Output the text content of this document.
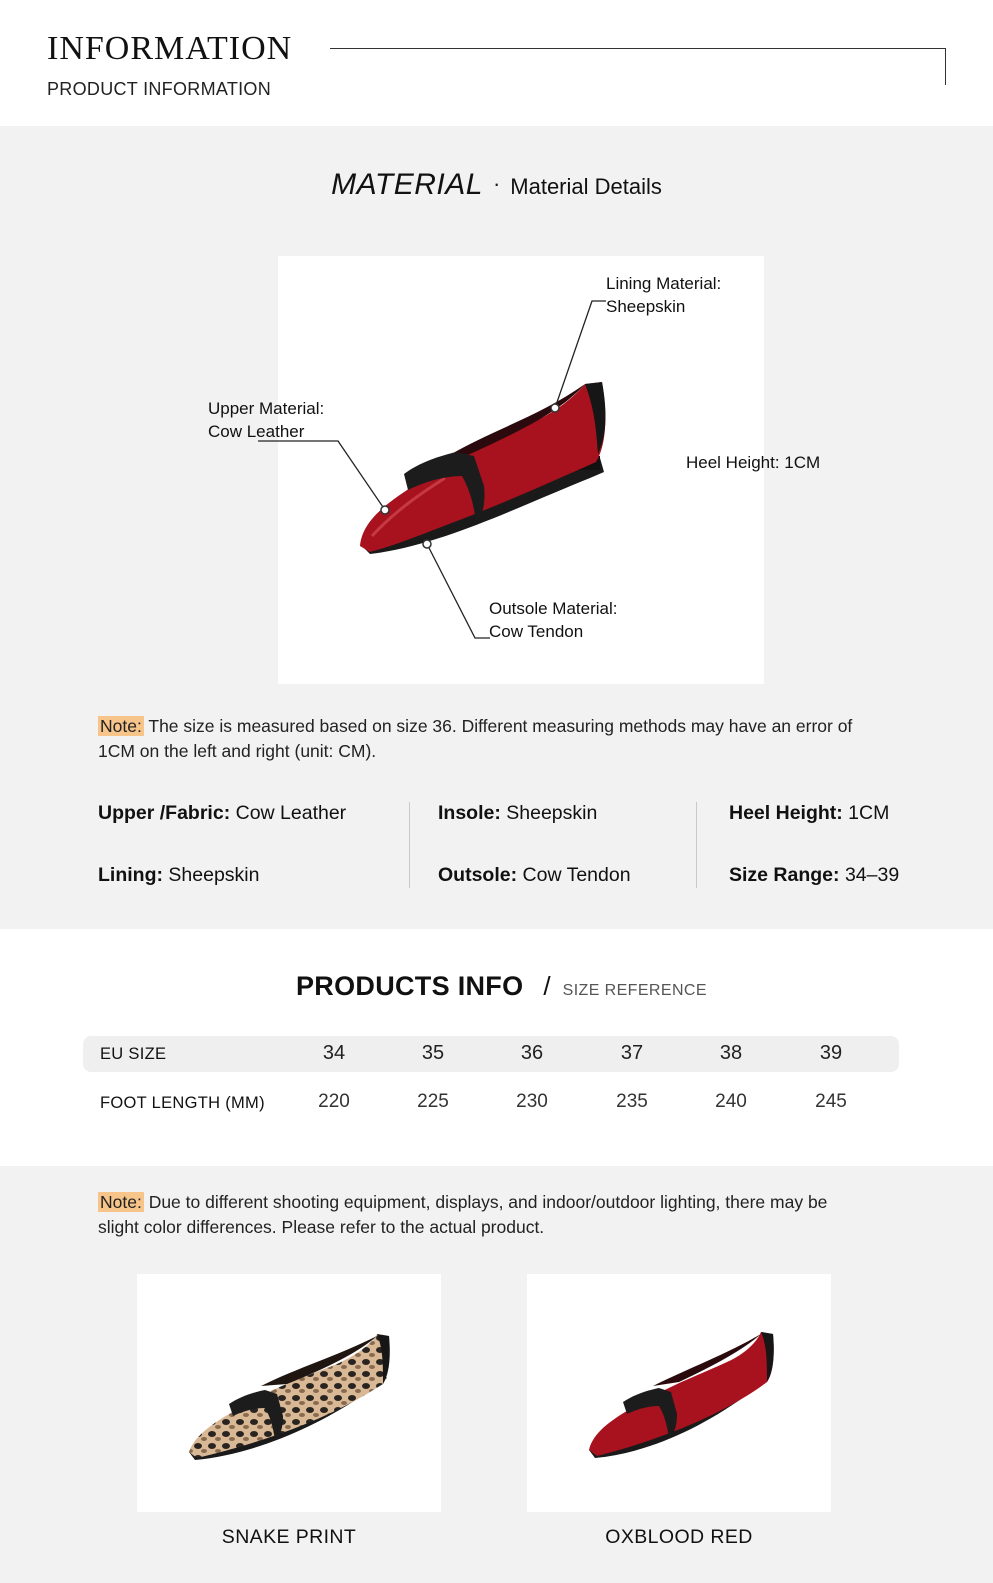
INFORMATION
PRODUCT INFORMATION
MATERIAL · Material Details
Lining Material:
Sheepskin
Upper Material:
Cow Leather
Heel Height: 1CM
Outsole Material:
Cow Tendon
Note: The size is measured based on size 36. Different measuring methods may have an error of 1CM on the left and right (unit: CM).
Upper /Fabric: Cow Leather	Insole: Sheepskin	Heel Height: 1CM
Lining: Sheepskin	Outsole: Cow Tendon	Size Range: 34–39
PRODUCTS INFO / SIZE REFERENCE
EU SIZE	34	35	36	37	38	39
FOOT LENGTH (MM)	220	225	230	235	240	245
Note: Due to different shooting equipment, displays, and indoor/outdoor lighting, there may be slight color differences. Please refer to the actual product.
SNAKE PRINT	OXBLOOD RED
